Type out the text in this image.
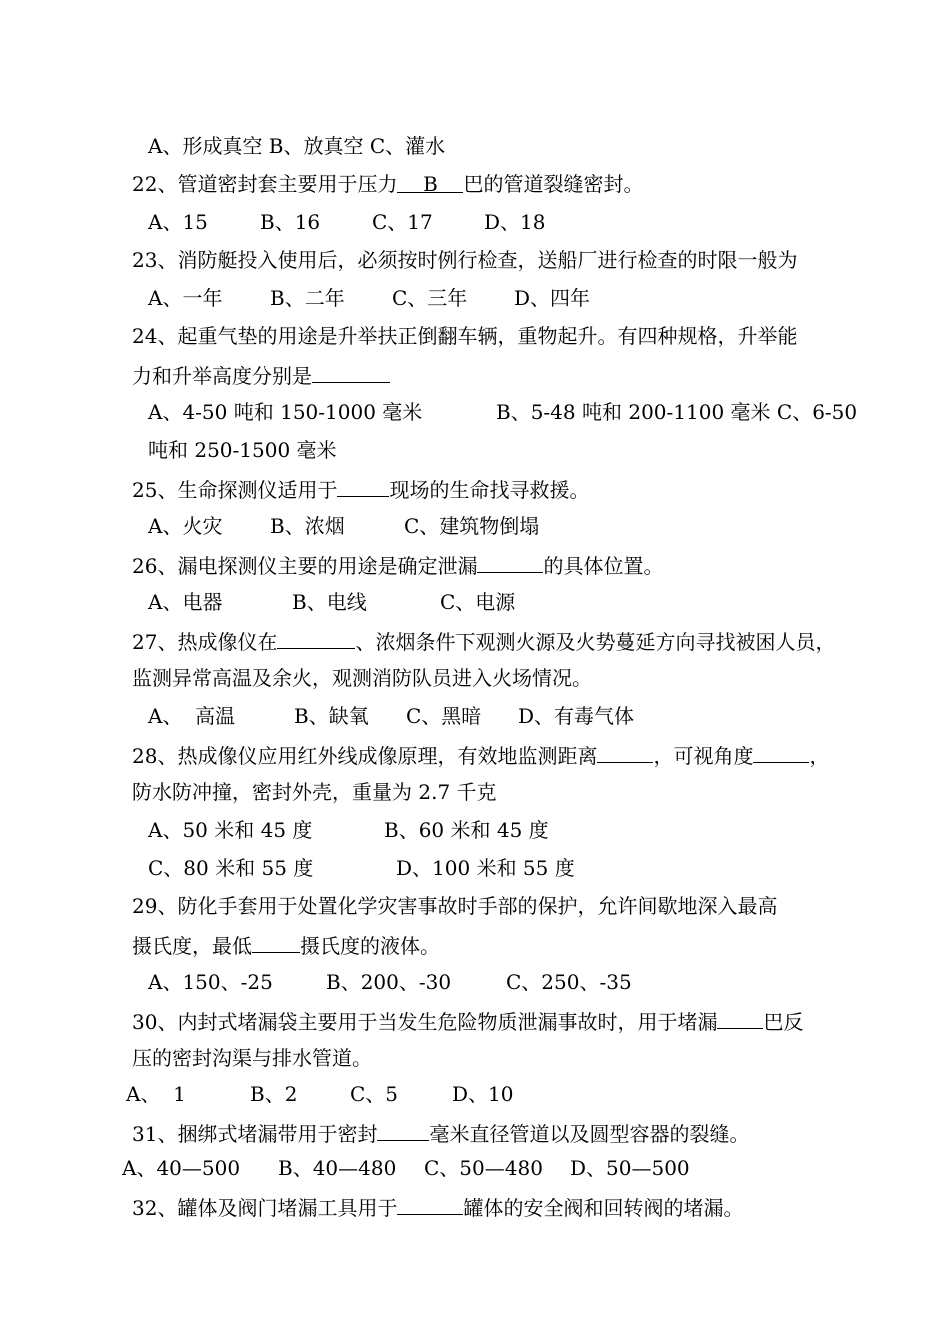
A、形成真空 B、放真空 C、灌水
22、管道密封套主要用于压力 B 巴的管道裂缝密封。
A、15	B、16	C、17	D、18
23、消防艇投入使用后，必须按时例行检查，送船厂进行检查的时限一般为
A、一年 B、二年 C、三年 D、四年
24、起重气垫的用途是升举扶正倒翻车辆，重物起升。有四种规格，升举能
力和升举高度分别是
A、4-50 吨和 150-1000 毫米	B、5-48 吨和 200-1100 毫米 C、6-50
吨和 250-1500 毫米
25、生命探测仪适用于	现场的生命找寻救援。
A、火灾 B、浓烟	C、建筑物倒塌
26、漏电探测仪主要的用途是确定泄漏	的具体位置。
A、电器	B、电线	C、电源
27、热成像仪在	、浓烟条件下观测火源及火势蔓延方向寻找被困人员，
监测异常高温及余火，观测消防队员进入火场情况。
A、  高温	B、缺氧 C、黑暗 D、有毒气体
28、热成像仪应用红外线成像原理，有效地监测距离	，可视角度	，
防水防冲撞，密封外壳，重量为 2.7 千克
A、50 米和 45 度	B、60 米和 45 度
C、80 米和 55 度	D、100 米和 55 度
29、防化手套用于处置化学灾害事故时手部的保护，允许间歇地深入最高
摄氏度，最低 摄氏度的液体。
A、150、-25	B、200、-30	C、250、-35
30、内封式堵漏袋主要用于当发生危险物质泄漏事故时，用于堵漏 巴反
压的密封沟渠与排水管道。
A、  1	B、2	C、5	D、10
31、捆绑式堵漏带用于密封	毫米直径管道以及圆型容器的裂缝。
A、40—500 B、40—480 C、50—480 D、50—500
32、罐体及阀门堵漏工具用于	罐体的安全阀和回转阀的堵漏。
